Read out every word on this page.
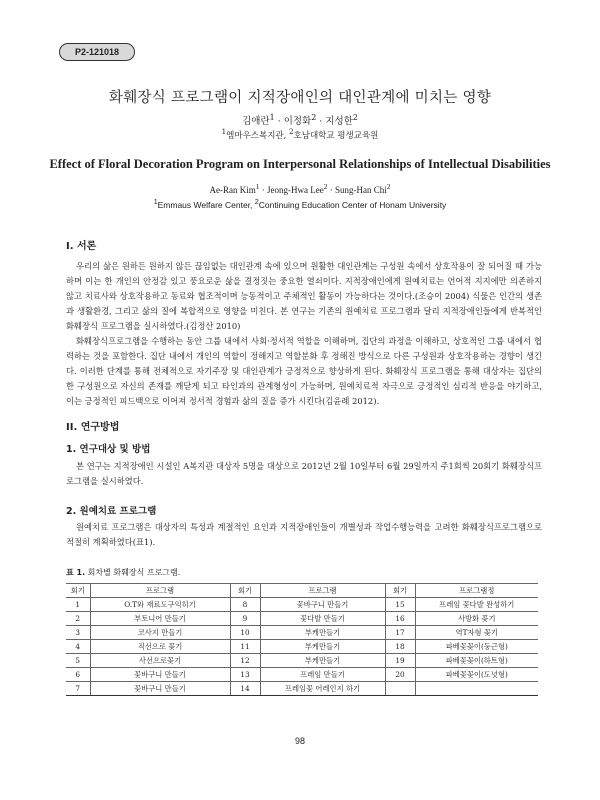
P2-121018
화훼장식 프로그램이 지적장애인의 대인관계에 미치는 영향
김애란$^1$ · 이정화$^2$ · 지성한$^2$
$^1$엠마우스복지관, $^2$호남대학교 평생교육원
Effect of Floral Decoration Program on Interpersonal Relationships of Intellectual Disabilities
Ae-Ran Kim$^1$ · Jeong-Hwa Lee$^2$ · Sung-Han Chi$^2$
$^1$Emmaus Welfare Center, $^2$Continuing Education Center of Honam University
I. 서론

우리의 삶은 원하든 원하지 않든 끊임없는 대인관계 속에 있으며 원활한 대인관계는 구성원 속에서 상호작용이 잘 되어질 때 가능하며 이는 한 개인의 안정감 있고 풍요로운 삶을 결정짓는 중요한 열쇠이다. 지적장애인에게 원예치료는 언어적 지지에만 의존하지 않고 치료사와 상호작용하고 동료와 협조적이며 능동적이고 주체적인 활동이 가능하다는 것이다.(조승이 2004) 식물은 인간의 생존과 생활환경, 그리고 삶의 질에 복합적으로 영향을 미친다. 본 연구는 기존의 원예치료 프로그램과 달리 지적장애인들에게 반복적인 화훼장식 프로그램을 실시하였다.(김정산 2010)

화훼장식프로그램을 수행하는 동안 그룹 내에서 사회·정서적 역할을 이해하며, 집단의 과정을 이해하고, 상호적인 그룹 내에서 협력하는 것을 포함한다. 집단 내에서 개인의 역할이 정해지고 역할분화 후 정해진 방식으로 다른 구성원과 상호작용하는 경향이 생긴다. 이러한 단계를 통해 전체적으로 자기주장 및 대인관계가 긍정적으로 향상하게 된다. 화훼장식 프로그램을 통해 대상자는 집단의 한 구성원으로 자신의 존재를 깨닫게 되고 타인과의 관계형성이 가능하며, 원예치료적 자극으로 긍정적인 심리적 반응을 야기하고, 이는 긍정적인 피드백으로 이어져 정서적 경험과 삶의 질을 증가 시킨다(김윤례 2012).

II. 연구방법
1. 연구대상 및 방법

본 연구는 지적장애인 시설인 A복지관 대상자 5명을 대상으로 2012년 2월 10일부터 6월 29일까지 주1회씩 20회기 화훼장식프로그램을 실시하였다.

2. 원예치료 프로그램

원예치료 프로그램은 대상자의 특성과 계절적인 요인과 지적장애인들이 개별성과 작업수행능력을 고려한 화훼장식프로그램으로 적절히 계획하였다(표1).

표 1. 회차별 화훼장식 프로그램.
회기	프로그램	회기	프로그램	회기	프로그램정
1	O.T와 재료도구익히기	8	꽃바구니 만들기	15	프레임 꽃다발 완성하기
2	부토니어 만들기	9	꽃다발 만들기	16	사방화 꽂기
3	코사지 만들기	10	부케만들기	17	역T자형 꽂기
4	직선으로 꽂기	11	부케만들기	18	파베꽃꽂이(둥근형)
5	사선으로꽂기	12	부케만들기	19	파베꽃꽂이(하트형)
6	꽃바구니 만들기	13	프레임 만들기	20	파베꽃꽂이(도넛형)
7	꽃바구니 만들기	14	프레임꽃 어레인지 하기		
98
